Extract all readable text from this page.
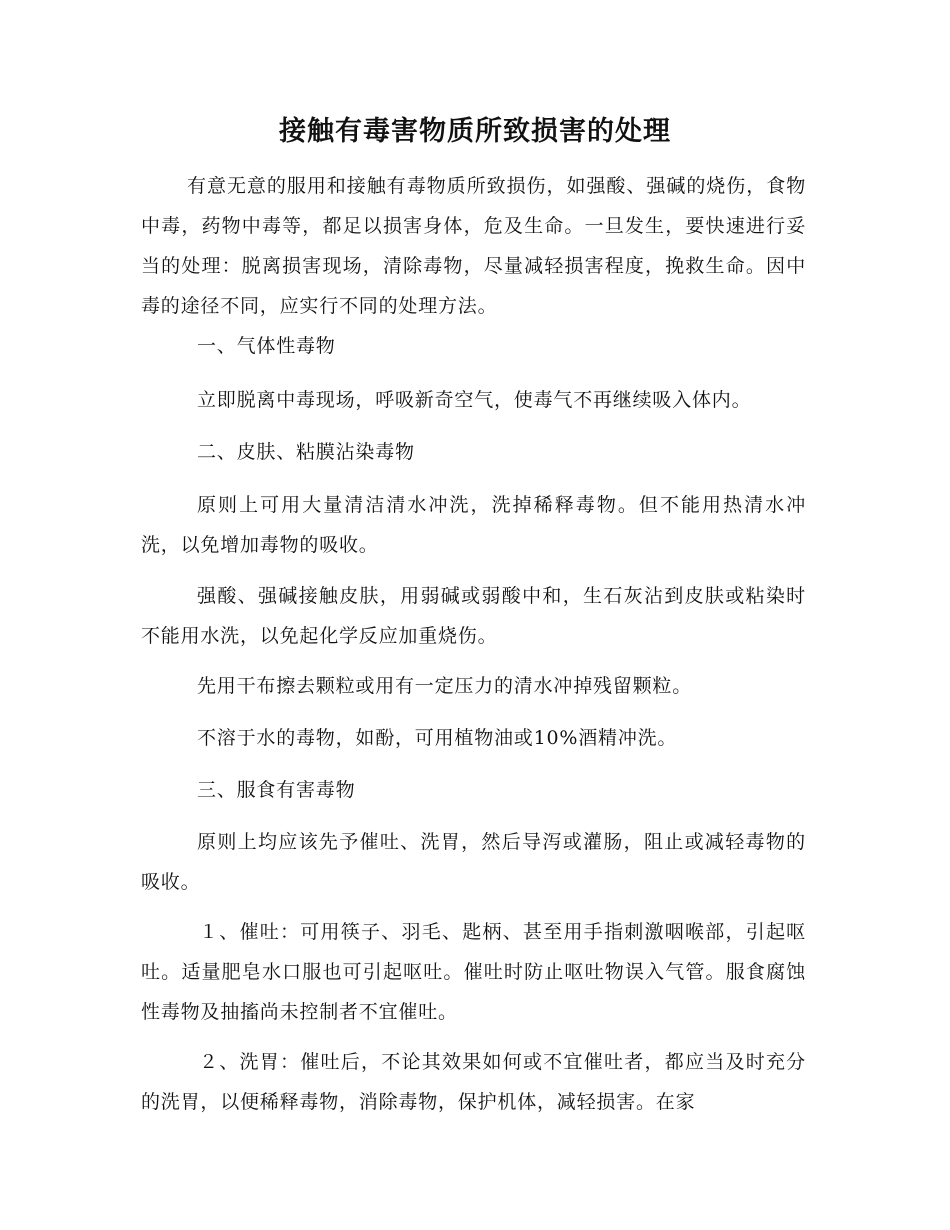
接触有毒害物质所致损害的处理

有意无意的服用和接触有毒物质所致损伤，如强酸、强碱的烧伤，食物中毒，药物中毒等，都足以损害身体，危及生命。一旦发生，要快速进行妥当的处理：脱离损害现场，清除毒物，尽量减轻损害程度，挽救生命。因中毒的途径不同，应实行不同的处理方法。

一、气体性毒物

立即脱离中毒现场，呼吸新奇空气，使毒气不再继续吸入体内。

二、皮肤、粘膜沾染毒物

原则上可用大量清洁清水冲洗，洗掉稀释毒物。但不能用热清水冲洗，以免增加毒物的吸收。

强酸、强碱接触皮肤，用弱碱或弱酸中和，生石灰沾到皮肤或粘染时不能用水洗，以免起化学反应加重烧伤。

先用干布擦去颗粒或用有一定压力的清水冲掉残留颗粒。

不溶于水的毒物，如酚，可用植物油或10%酒精冲洗。

三、服食有害毒物

原则上均应该先予催吐、洗胃，然后导泻或灌肠，阻止或减轻毒物的吸收。

１、催吐：可用筷子、羽毛、匙柄、甚至用手指刺激咽喉部，引起呕吐。适量肥皂水口服也可引起呕吐。催吐时防止呕吐物误入气管。服食腐蚀性毒物及抽搐尚未控制者不宜催吐。

２、洗胃：催吐后，不论其效果如何或不宜催吐者，都应当及时充分的洗胃，以便稀释毒物，消除毒物，保护机体，减轻损害。在家
